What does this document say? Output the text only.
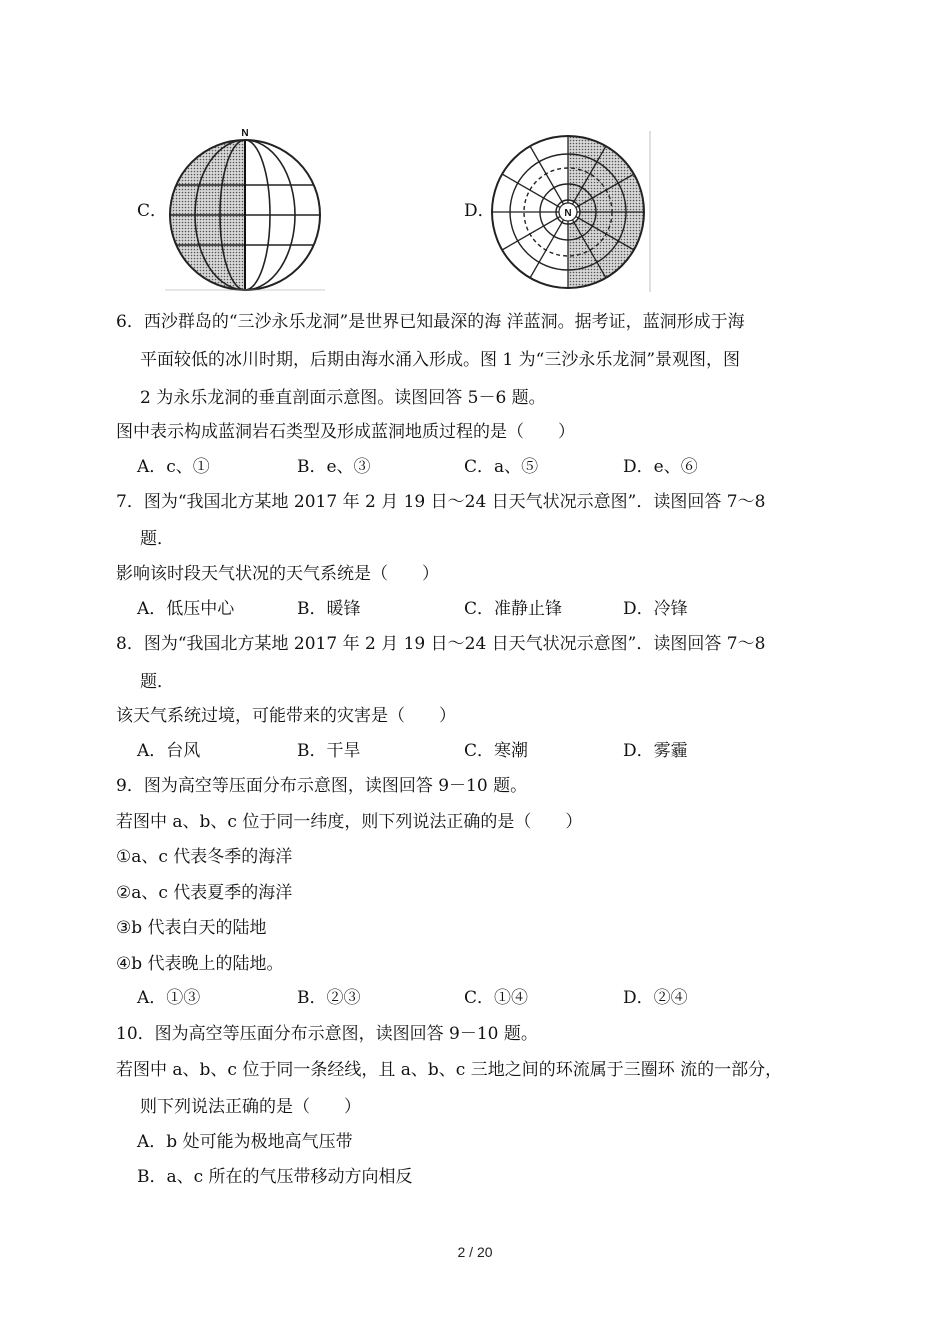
C．
N
D．	N
6．西沙群岛的“三沙永乐龙洞”是世界已知最深的海 洋蓝洞。据考证，蓝洞形成于海
平面较低的冰川时期，后期由海水涌入形成。图 1 为“三沙永乐龙洞”景观图，图
2 为永乐龙洞的垂直剖面示意图。读图回答 5－6 题。
图中表示构成蓝洞岩石类型及形成蓝洞地质过程的是（　　）
A．c、①	B．e、③	C．a、⑤	D．e、⑥
7．图为“我国北方某地 2017 年 2 月 19 日～24 日天气状况示意图”．读图回答 7～8
题．
影响该时段天气状况的天气系统是（　　）
A．低压中心	B．暖锋	C．准静止锋	D．冷锋
8．图为“我国北方某地 2017 年 2 月 19 日～24 日天气状况示意图”．读图回答 7～8
题．
该天气系统过境，可能带来的灾害是（　　）
A．台风	B．干旱	C．寒潮	D．雾霾
9．图为高空等压面分布示意图，读图回答 9－10 题。
若图中 a、b、c 位于同一纬度，则下列说法正确的是（　　）
①a、c 代表冬季的海洋
②a、c 代表夏季的海洋
③b 代表白天的陆地
④b 代表晚上的陆地。
A．①③	B．②③	C．①④	D．②④
10．图为高空等压面分布示意图，读图回答 9－10 题。
若图中 a、b、c 位于同一条经线，且 a、b、c 三地之间的环流属于三圈环 流的一部分，
则下列说法正确的是（　　）
A．b 处可能为极地高气压带
B．a、c 所在的气压带移动方向相反
2 / 20
